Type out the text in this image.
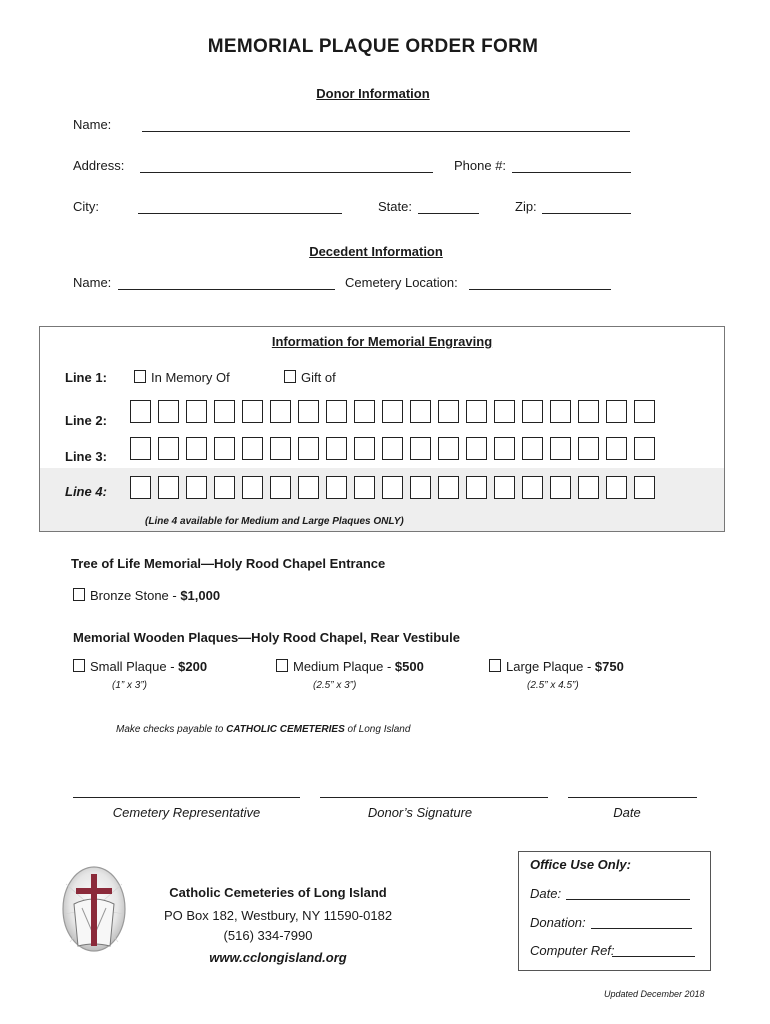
MEMORIAL PLAQUE ORDER FORM
Donor Information
Name:
Address:	Phone #:
City:	State:	Zip:
Decedent Information
Name:	Cemetery Location:
Information for Memorial Engraving
Line 1:	In Memory Of	Gift of
Line 2:
Line 3:
Line 4:
(Line 4 available for Medium and Large Plaques ONLY)
Tree of Life Memorial—Holy Rood Chapel Entrance
Bronze Stone - $1,000
Memorial Wooden Plaques—Holy Rood Chapel, Rear Vestibule
Small Plaque - $200
(1” x 3”)
Medium Plaque - $500
(2.5” x 3”)
Large Plaque - $750
(2.5” x 4.5”)
Make checks payable to CATHOLIC CEMETERIES of Long Island
Cemetery Representative	Donor’s Signature	Date
Catholic Cemeteries of Long Island
PO Box 182, Westbury, NY 11590-0182
(516) 334-7990
www.cclongisland.org
Office Use Only:
Date:
Donation:
Computer Ref:
Updated December 2018
